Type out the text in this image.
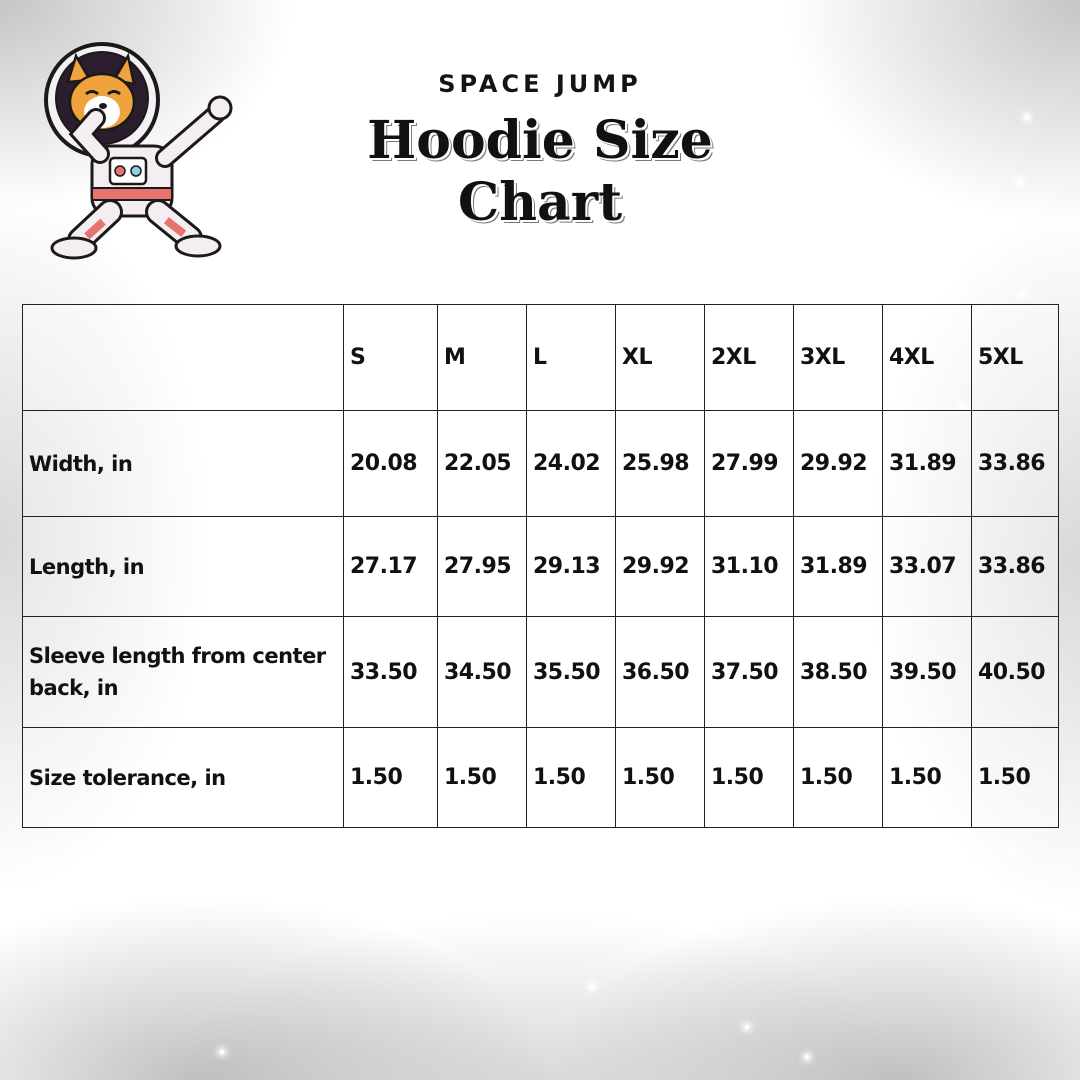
SPACE JUMP
Hoodie Size
Chart
	S	M	L	XL	2XL	3XL	4XL	5XL
Width, in	20.08	22.05	24.02	25.98	27.99	29.92	31.89	33.86
Length, in	27.17	27.95	29.13	29.92	31.10	31.89	33.07	33.86
Sleeve length from center back, in	33.50	34.50	35.50	36.50	37.50	38.50	39.50	40.50
Size tolerance, in	1.50	1.50	1.50	1.50	1.50	1.50	1.50	1.50
